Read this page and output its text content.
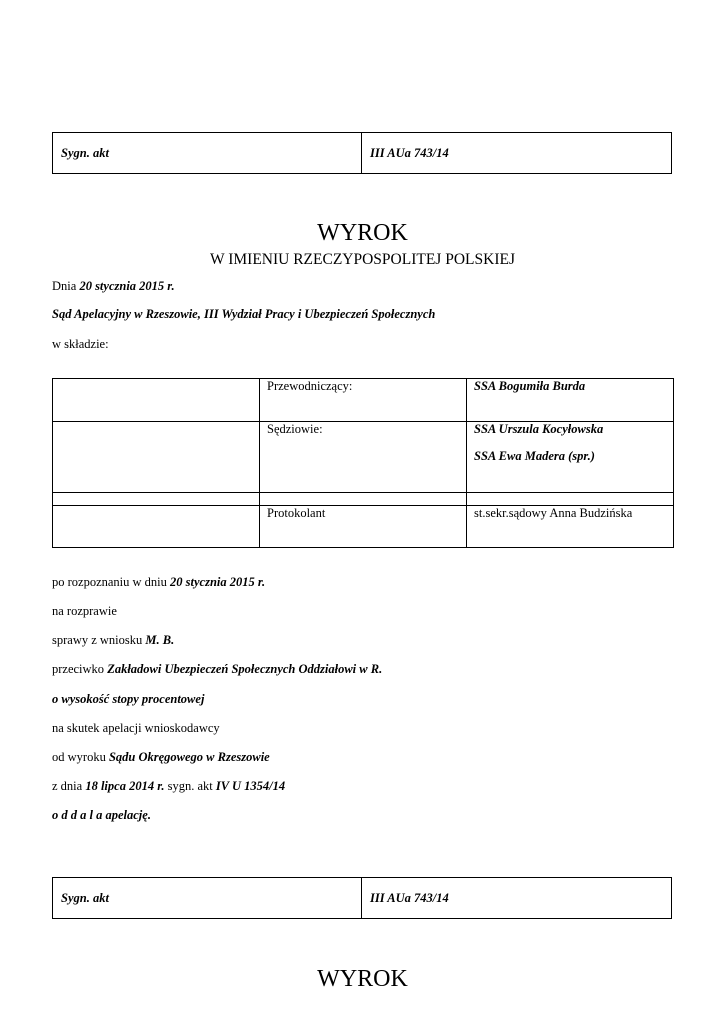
Sygn. akt	III AUa 743/14
WYROK
W IMIENIU RZECZYPOSPOLITEJ POLSKIEJ
Dnia 20 stycznia 2015 r.
Sąd Apelacyjny w Rzeszowie, III Wydział Pracy i Ubezpieczeń Społecznych
w składzie:
	Przewodniczący:	SSA Bogumiła Burda
	Sędziowie:	SSA Urszula Kocyłowska
SSA Ewa Madera (spr.)

	Protokolant	st.sekr.sądowy Anna Budzińska
po rozpoznaniu w dniu 20 stycznia 2015 r.
na rozprawie
sprawy z wniosku M. B.
przeciwko Zakładowi Ubezpieczeń Społecznych Oddziałowi w R.
o wysokość stopy procentowej
na skutek apelacji wnioskodawcy
od wyroku Sądu Okręgowego w Rzeszowie
z dnia 18 lipca 2014 r. sygn. akt IV U 1354/14
o d d a l a apelację.
Sygn. akt	III AUa 743/14
WYROK
